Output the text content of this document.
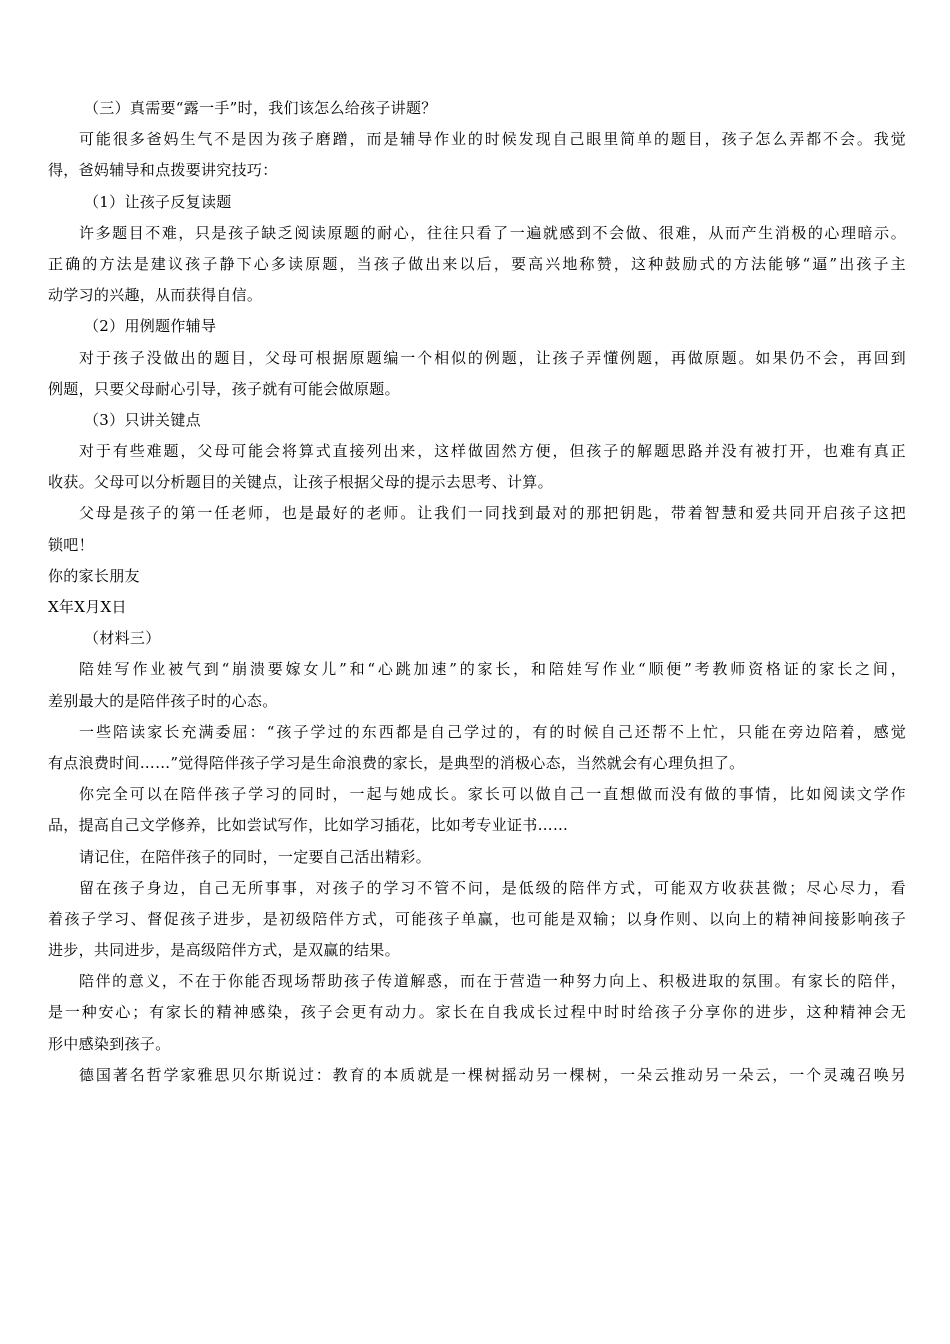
（三）真需要“露一手”时，我们该怎么给孩子讲题？
可能很多爸妈生气不是因为孩子磨蹭，而是辅导作业的时候发现自己眼里简单的题目，孩子怎么弄都不会。我觉
得，爸妈辅导和点拨要讲究技巧：
（1）让孩子反复读题
许多题目不难，只是孩子缺乏阅读原题的耐心，往往只看了一遍就感到不会做、很难，从而产生消极的心理暗示。
正确的方法是建议孩子静下心多读原题，当孩子做出来以后，要高兴地称赞，这种鼓励式的方法能够“逼”出孩子主
动学习的兴趣，从而获得自信。
（2）用例题作辅导
对于孩子没做出的题目，父母可根据原题编一个相似的例题，让孩子弄懂例题，再做原题。如果仍不会，再回到
例题，只要父母耐心引导，孩子就有可能会做原题。
（3）只讲关键点
对于有些难题，父母可能会将算式直接列出来，这样做固然方便，但孩子的解题思路并没有被打开，也难有真正
收获。父母可以分析题目的关键点，让孩子根据父母的提示去思考、计算。
父母是孩子的第一任老师，也是最好的老师。让我们一同找到最对的那把钥匙，带着智慧和爱共同开启孩子这把
锁吧！
你的家长朋友
X年X月X日
（材料三）
陪娃写作业被气到“崩溃要嫁女儿”和“心跳加速”的家长，和陪娃写作业“顺便”考教师资格证的家长之间，
差别最大的是陪伴孩子时的心态。
一些陪读家长充满委屈：“孩子学过的东西都是自己学过的，有的时候自己还帮不上忙，只能在旁边陪着，感觉
有点浪费时间……”觉得陪伴孩子学习是生命浪费的家长，是典型的消极心态，当然就会有心理负担了。
你完全可以在陪伴孩子学习的同时，一起与她成长。家长可以做自己一直想做而没有做的事情，比如阅读文学作
品，提高自己文学修养，比如尝试写作，比如学习插花，比如考专业证书……
请记住，在陪伴孩子的同时，一定要自己活出精彩。
留在孩子身边，自己无所事事，对孩子的学习不管不问，是低级的陪伴方式，可能双方收获甚微；尽心尽力，看
着孩子学习、督促孩子进步，是初级陪伴方式，可能孩子单赢，也可能是双输；以身作则、以向上的精神间接影响孩子
进步，共同进步，是高级陪伴方式，是双赢的结果。
陪伴的意义，不在于你能否现场帮助孩子传道解惑，而在于营造一种努力向上、积极进取的氛围。有家长的陪伴，
是一种安心；有家长的精神感染，孩子会更有动力。家长在自我成长过程中时时给孩子分享你的进步，这种精神会无
形中感染到孩子。
德国著名哲学家雅思贝尔斯说过：教育的本质就是一棵树摇动另一棵树，一朵云推动另一朵云，一个灵魂召唤另
